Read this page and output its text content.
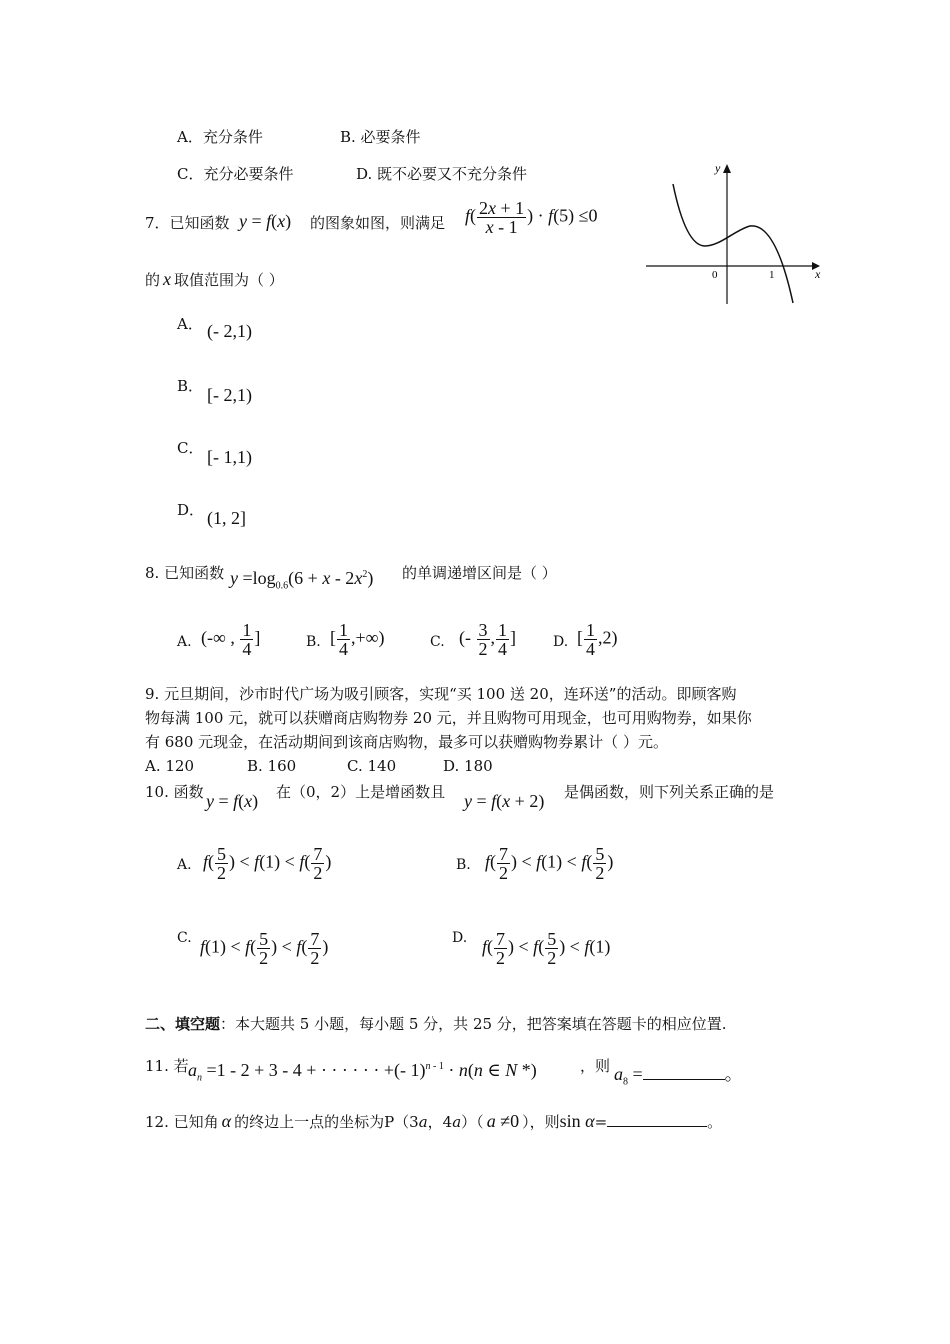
A．充分条件	B. 必要条件
C．充分必要条件	D. 既不必要又不充分条件
7．已知函数 y = f(x) 的图象如图，则满足 $f( \frac{2x + 1}{x - 1}$ ) · f(5) ≤0
的 x 取值范围为（ ）
y
x
0	1
A． (- 2,1)
B． [- 2,1)
C． [- 1,1)
D． (1, 2]
8. 已知函数 $y =\log_{0.6}(6 + x - 2x^2)$ 的单调递增区间是（ ）
A. (-∞ , $\frac{1}{4}$ ]	B. [ $\frac{1}{4}$ ,+∞)	C. (- $\frac{3}{2}$ , $\frac{1}{4}$ ]	D. [ $\frac{1}{4} ,2$)
9. 元旦期间，沙市时代广场为吸引顾客，实现“买 100 送 20，连环送”的活动。即顾客购
物每满 100 元，就可以获赠商店购物券 20 元，并且购物可用现金，也可用购物券，如果你
有 680 元现金，在活动期间到该商店购物，最多可以获赠购物券累计（ ）元。
A. 120	B. 160	C. 140	D. 180
10. 函数 y = f(x) 在（0，2）上是增函数且 y = f(x + 2) 是偶函数，则下列关系正确的是
A. $f( \frac{5}{2}$ ) < $f(1) < f( \frac{7}{2}$ )	B. $f( \frac{7}{2}$ ) < $f(1) < f( \frac{5}{2}$ )
C. $f(1) < f( \frac{5}{2}$ ) < $f( \frac{7}{2}$ )	D. $f( \frac{7}{2}$ ) < $f( \frac{5}{2}$ ) < f(1)
二、填空题：本大题共 5 小题，每小题 5 分，共 25 分，把答案填在答题卡的相应位置.
11. 若 $a_n =1 - 2 + 3 - 4$ + · · · · · · +(- 1)$^{n - 1}$ · n(n ∈ N *)	，则 $a_8$ =	。
12. 已知角 α 的终边上一点的坐标为P（3a，4a）（ a ≠0 ），则sin α=	。
